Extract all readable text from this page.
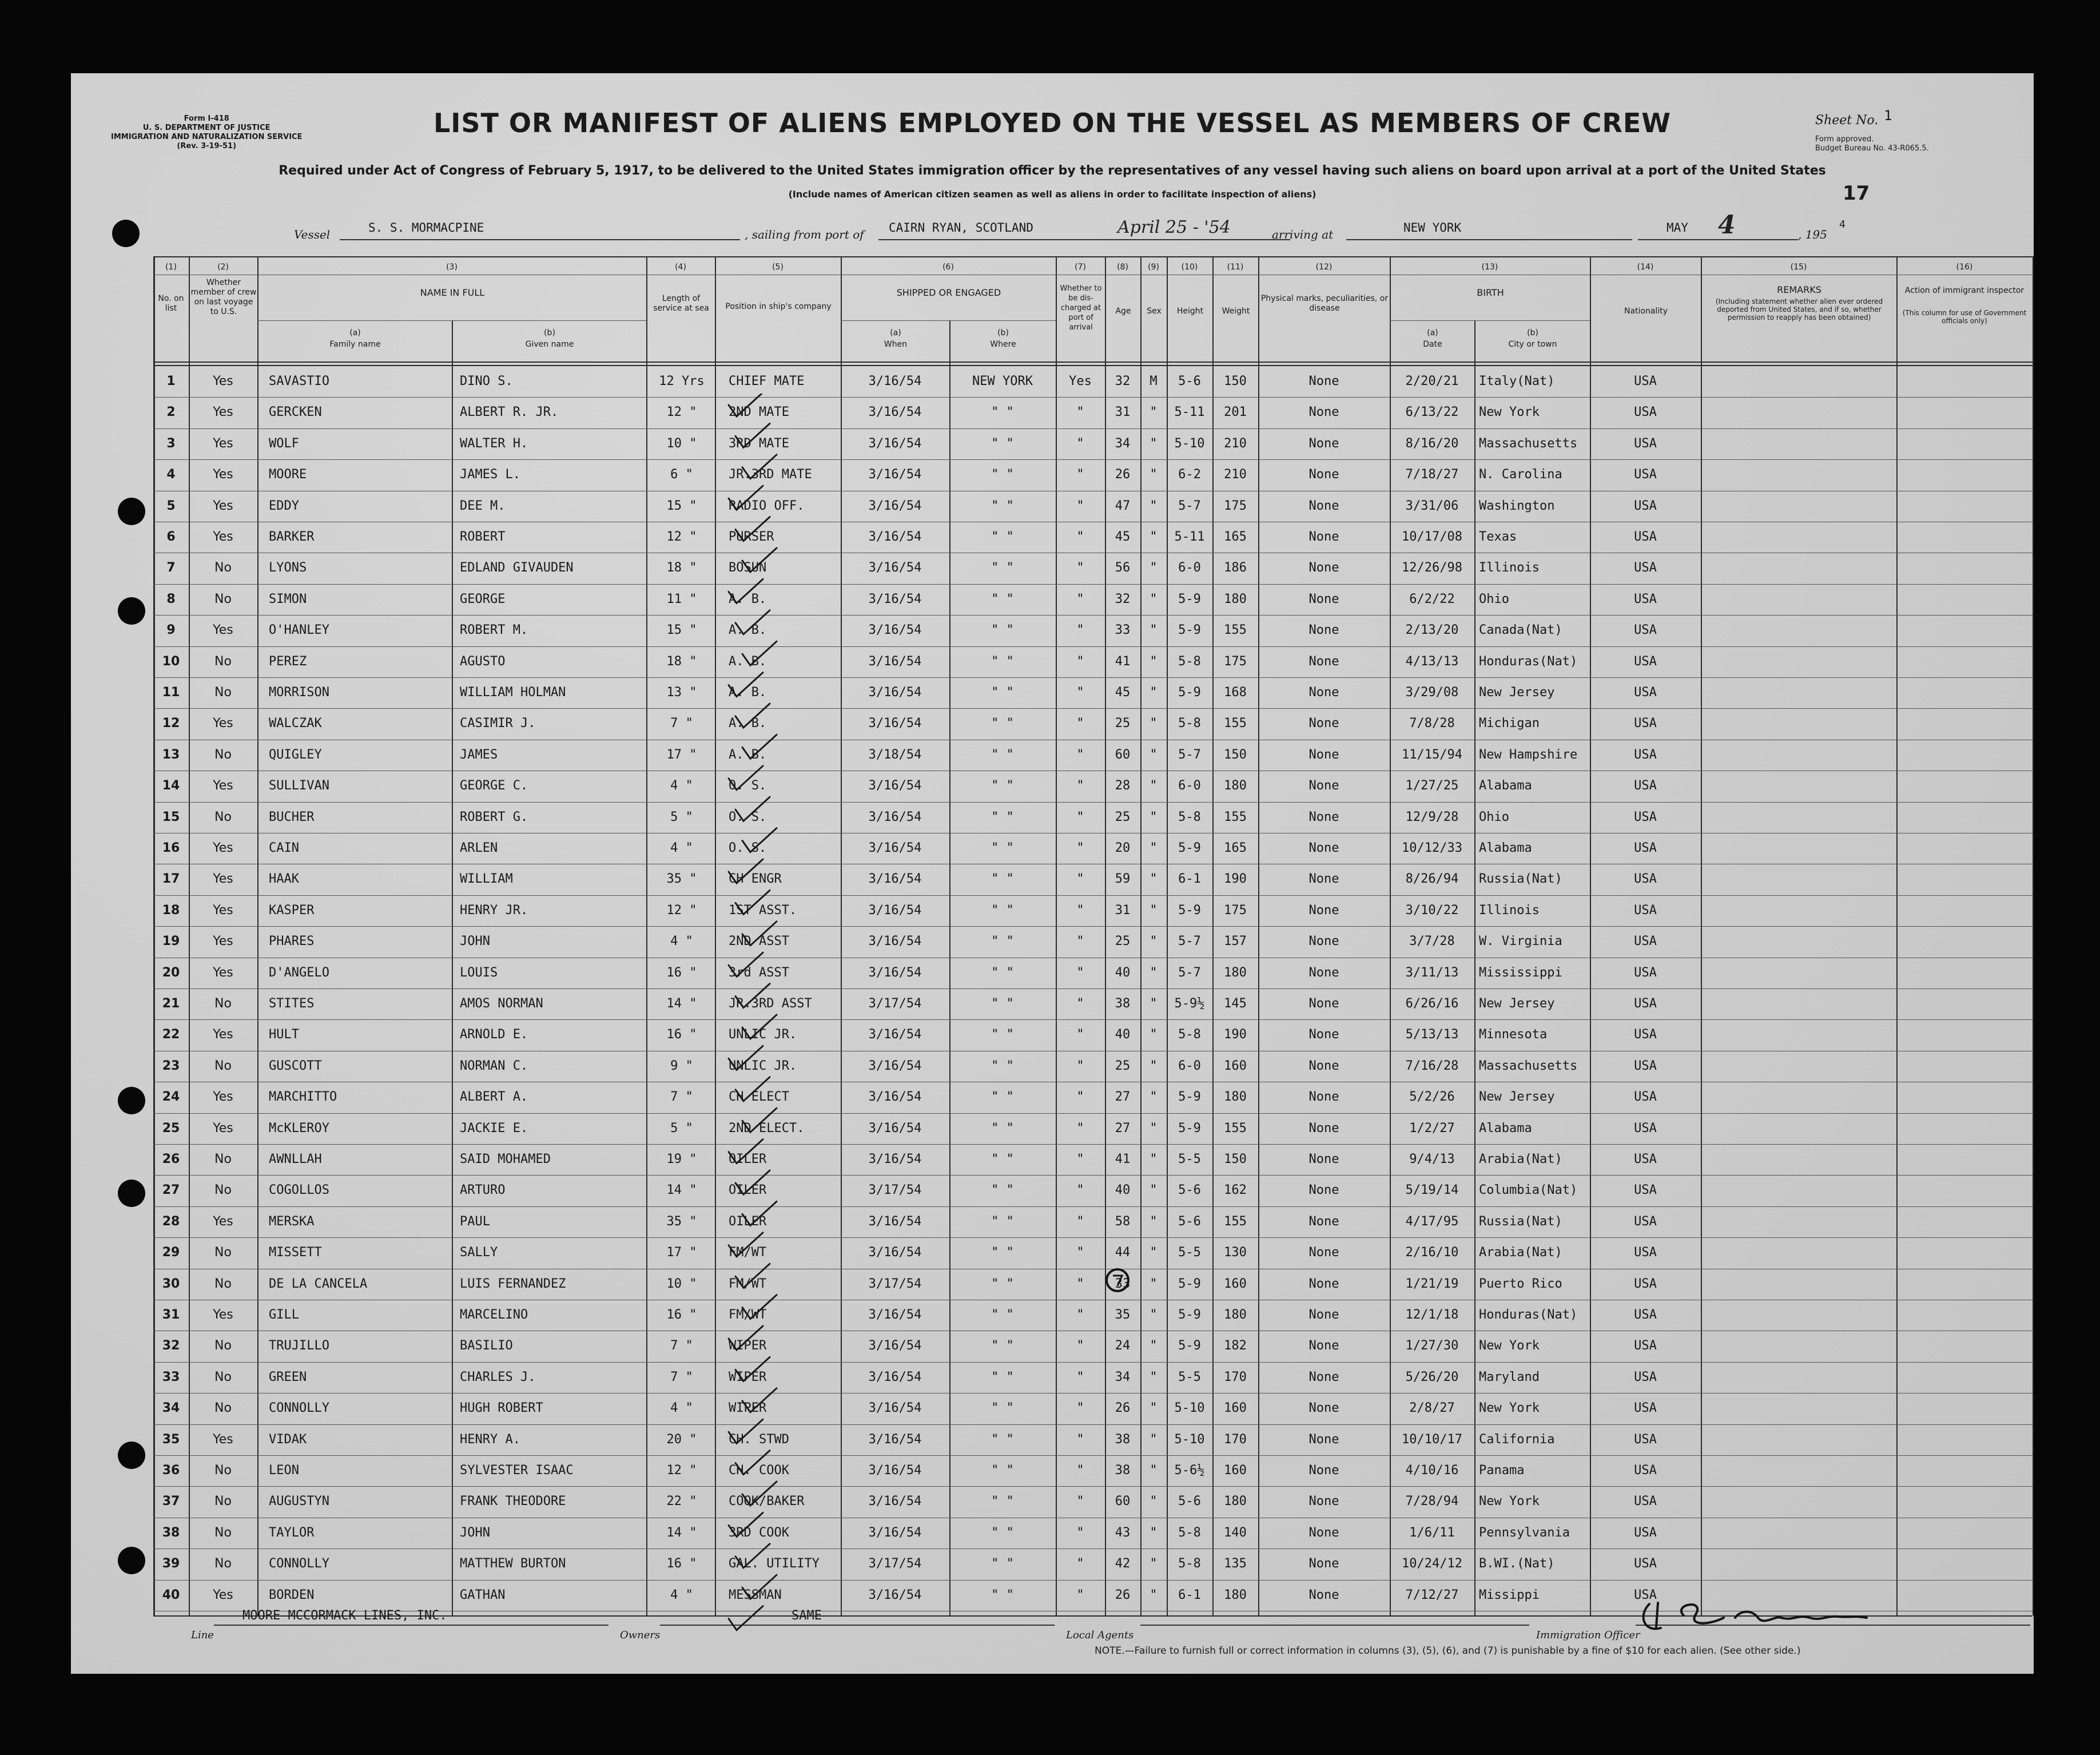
Form I-418
U. S. DEPARTMENT OF JUSTICE
IMMIGRATION AND NATURALIZATION SERVICE
(Rev. 3-19-51)
LIST OR MANIFEST OF ALIENS EMPLOYED ON THE VESSEL AS MEMBERS OF CREW
Required under Act of Congress of February 5, 1917, to be delivered to the United States immigration officer by the representatives of any vessel having such aliens on board upon arrival at a port of the United States
(Include names of American citizen seamen as well as aliens in order to facilitate inspection of aliens)
Sheet No. 1
Form approved.
Budget Bureau No. 43-R065.5.
17
Vessel	S. S. MORMACPINE	, sailing from port of CAIRN RYAN, SCOTLAND	April 25 - '54	arriving at	NEW YORK	MAY 4	, 195
4
No. on list
Whether member of crew on last voyage to U.S.
NAME IN FULL
(a)
Family name
(b)
Given name
Length of service at sea	Position in ship's company
SHIPPED OR ENGAGED
(a)
When
(b)
Where
Whether to be dis-charged at port of arrival
Age	Sex	Height	Weight
Physical marks, peculiarities, or disease
BIRTH
(a)
Date
(b)
City or town
Nationality
REMARKS
(Including statement whether alien ever ordered deported from United States, and if so, whether permission to reapply has been obtained)
Action of immigrant inspector
(This column for use of Government officials only)
1	Yes	SAVASTIO	DINO S.	12 Yrs	CHIEF MATE	3/16/54	NEW YORK	Yes	32	M	5-6	150	None	2/20/21	Italy(Nat)	USA
2	Yes	GERCKEN	ALBERT R. JR.	12 "	2ND MATE	3/16/54	" "	"	31	"	5-11	201	None	6/13/22	New York	USA
3	Yes	WOLF	WALTER H.	10 "	3RD MATE	3/16/54	" "	"	34	"	5-10	210	None	8/16/20	Massachusetts	USA
4	Yes	MOORE	JAMES L.	6 "	JR.3RD MATE	3/16/54	" "	"	26	"	6-2	210	None	7/18/27	N. Carolina	USA
5	Yes	EDDY	DEE M.	15 "	RADIO OFF.	3/16/54	" "	"	47	"	5-7	175	None	3/31/06	Washington	USA
6	Yes	BARKER	ROBERT	12 "	PURSER	3/16/54	" "	"	45	"	5-11	165	None	10/17/08	Texas	USA
7	No	LYONS	EDLAND GIVAUDEN	18 "	BOSUN	3/16/54	" "	"	56	"	6-0	186	None	12/26/98	Illinois	USA
8	No	SIMON	GEORGE	11 "	A. B.	3/16/54	" "	"	32	"	5-9	180	None	6/2/22	Ohio	USA
9	Yes	O'HANLEY	ROBERT M.	15 "	A. B.	3/16/54	" "	"	33	"	5-9	155	None	2/13/20	Canada(Nat)	USA
10	No	PEREZ	AGUSTO	18 "	A. B.	3/16/54	" "	"	41	"	5-8	175	None	4/13/13	Honduras(Nat)	USA
11	No	MORRISON	WILLIAM HOLMAN	13 "	A. B.	3/16/54	" "	"	45	"	5-9	168	None	3/29/08	New Jersey	USA
12	Yes	WALCZAK	CASIMIR J.	7 "	A. B.	3/16/54	" "	"	25	"	5-8	155	None	7/8/28	Michigan	USA
13	No	QUIGLEY	JAMES	17 "	A. B.	3/18/54	" "	"	60	"	5-7	150	None	11/15/94	New Hampshire	USA
14	Yes	SULLIVAN	GEORGE C.	4 "	O. S.	3/16/54	" "	"	28	"	6-0	180	None	1/27/25	Alabama	USA
15	No	BUCHER	ROBERT G.	5 "	O. S.	3/16/54	" "	"	25	"	5-8	155	None	12/9/28	Ohio	USA
16	Yes	CAIN	ARLEN	4 "	O. S.	3/16/54	" "	"	20	"	5-9	165	None	10/12/33	Alabama	USA
17	Yes	HAAK	WILLIAM	35 "	CH ENGR	3/16/54	" "	"	59	"	6-1	190	None	8/26/94	Russia(Nat)	USA
18	Yes	KASPER	HENRY JR.	12 "	1ST ASST.	3/16/54	" "	"	31	"	5-9	175	None	3/10/22	Illinois	USA
19	Yes	PHARES	JOHN	4 "	2ND ASST	3/16/54	" "	"	25	"	5-7	157	None	3/7/28	W. Virginia	USA
20	Yes	D'ANGELO	LOUIS	16 "	3rd ASST	3/16/54	" "	"	40	"	5-7	180	None	3/11/13	Mississippi	USA
21	No	STITES	AMOS NORMAN	14 "	JR.3RD ASST	3/17/54	" "	"	38	"	5-9½	145	None	6/26/16	New Jersey	USA
22	Yes	HULT	ARNOLD E.	16 "	UNLIC JR.	3/16/54	" "	"	40	"	5-8	190	None	5/13/13	Minnesota	USA
23	No	GUSCOTT	NORMAN C.	9 "	UNLIC JR.	3/16/54	" "	"	25	"	6-0	160	None	7/16/28	Massachusetts	USA
24	Yes	MARCHITTO	ALBERT A.	7 "	CH ELECT	3/16/54	" "	"	27	"	5-9	180	None	5/2/26	New Jersey	USA
25	Yes	McKLEROY	JACKIE E.	5 "	2ND ELECT.	3/16/54	" "	"	27	"	5-9	155	None	1/2/27	Alabama	USA
26	No	AWNLLAH	SAID MOHAMED	19 "	OILER	3/16/54	" "	"	41	"	5-5	150	None	9/4/13	Arabia(Nat)	USA
27	No	COGOLLOS	ARTURO	14 "	OILER	3/17/54	" "	"	40	"	5-6	162	None	5/19/14	Columbia(Nat)	USA
28	Yes	MERSKA	PAUL	35 "	OILER	3/16/54	" "	"	58	"	5-6	155	None	4/17/95	Russia(Nat)	USA
29	No	MISSETT	SALLY	17 "	FM/WT	3/16/54	" "	"	44	"	5-5	130	None	2/16/10	Arabia(Nat)	USA
30	No	DE LA CANCELA	LUIS FERNANDEZ	10 "	FM/WT	3/17/54	" "	"	33	"	5-9	160	None	1/21/19	Puerto Rico	USA
31	Yes	GILL	MARCELINO	16 "	FM/WT	3/16/54	" "	"	35	"	5-9	180	None	12/1/18	Honduras(Nat)	USA
32	No	TRUJILLO	BASILIO	7 "	WIPER	3/16/54	" "	"	24	"	5-9	182	None	1/27/30	New York	USA
33	No	GREEN	CHARLES J.	7 "	WIPER	3/16/54	" "	"	34	"	5-5	170	None	5/26/20	Maryland	USA
34	No	CONNOLLY	HUGH ROBERT	4 "	WIPER	3/16/54	" "	"	26	"	5-10	160	None	2/8/27	New York	USA
35	Yes	VIDAK	HENRY A.	20 "	CH. STWD	3/16/54	" "	"	38	"	5-10	170	None	10/10/17	California	USA
36	No	LEON	SYLVESTER ISAAC	12 "	CH. COOK	3/16/54	" "	"	38	"	5-6½	160	None	4/10/16	Panama	USA
37	No	AUGUSTYN	FRANK THEODORE	22 "	COOK/BAKER	3/16/54	" "	"	60	"	5-6	180	None	7/28/94	New York	USA
38	No	TAYLOR	JOHN	14 "	3RD COOK	3/16/54	" "	"	43	"	5-8	140	None	1/6/11	Pennsylvania	USA
39	No	CONNOLLY	MATTHEW BURTON	16 "	GAL. UTILITY	3/17/54	" "	"	42	"	5-8	135	None	10/24/12	B.WI.(Nat)	USA
40	Yes	BORDEN	GATHAN	4 "	MESSMAN	3/16/54	" "	"	26	"	6-1	180	None	7/12/27	Missippi	USA
Line
MOORE MCCORMACK LINES, INC.
Owners
SAME
Local Agents	Immigration Officer
NOTE.—Failure to furnish full or correct information in columns (3), (5), (6), and (7) is punishable by a fine of $10 for each alien. (See other side.)
(1)	(2)	(3)	(4)	(5)	(6)	(7)	(8)	(9)	(10)	(11)	(12)	(13)	(14)	(15)	(16)
